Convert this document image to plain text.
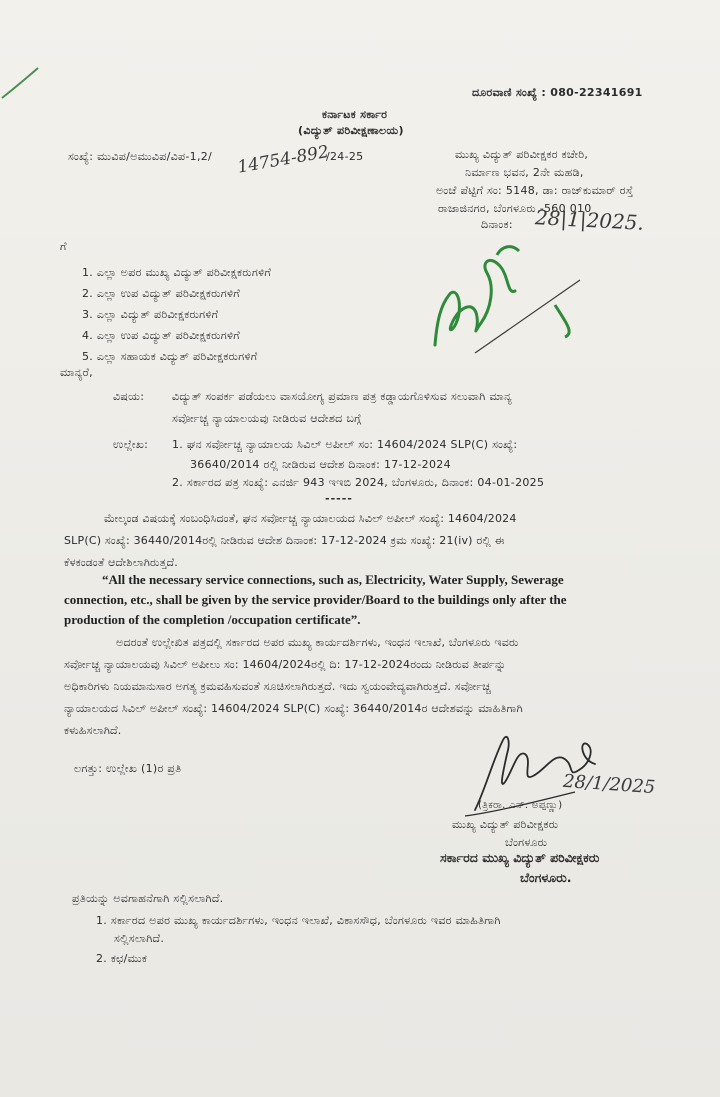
ದೂರವಾಣಿ ಸಂಖ್ಯೆ : 080-22341691
ಕರ್ನಾಟಕ ಸರ್ಕಾರ
(ವಿದ್ಯುತ್ ಪರಿವೀಕ್ಷಣಾಲಯ)
ಸಂಖ್ಯೆ: ಮುವಿಪ/ಅಮುವಿಪ/ವಿಪ-1,2/ 14754-892
/24-25	ಮುಖ್ಯ ವಿದ್ಯುತ್ ಪರಿವೀಕ್ಷಕರ ಕಚೇರಿ,
ನಿರ್ಮಾಣ ಭವನ, 2ನೇ ಮಹಡಿ,
ಅಂಚೆ ಪೆಟ್ಟಿಗೆ ಸಂ: 5148, ಡಾ: ರಾಜ್‌ಕುಮಾರ್ ರಸ್ತೆ
ರಾಜಾಜಿನಗರ, ಬೆಂಗಳೂರು -560 010
ದಿನಾಂಕ: 28|1|2025.
ಗೆ
1. ಎಲ್ಲಾ ಅಪರ ಮುಖ್ಯ ವಿದ್ಯುತ್ ಪರಿವೀಕ್ಷಕರುಗಳಿಗೆ
2. ಎಲ್ಲಾ ಉಪ ವಿದ್ಯುತ್ ಪರಿವೀಕ್ಷಕರುಗಳಿಗೆ
3. ಎಲ್ಲಾ ವಿದ್ಯುತ್ ಪರಿವೀಕ್ಷಕರುಗಳಿಗೆ
4. ಎಲ್ಲಾ ಉಪ ವಿದ್ಯುತ್ ಪರಿವೀಕ್ಷಕರುಗಳಿಗೆ
5. ಎಲ್ಲಾ ಸಹಾಯಕ ವಿದ್ಯುತ್ ಪರಿವೀಕ್ಷಕರುಗಳಿಗೆ
ಮಾನ್ಯರೆ,
ವಿಷಯ:	ವಿದ್ಯುತ್ ಸಂಪರ್ಕ ಪಡೆಯಲು ವಾಸಯೋಗ್ಯ ಪ್ರಮಾಣ ಪತ್ರ ಕಡ್ಡಾಯಗೊಳಿಸುವ ಸಲುವಾಗಿ ಮಾನ್ಯ
ಸರ್ವೋಚ್ಚ ನ್ಯಾಯಾಲಯವು ನೀಡಿರುವ ಆದೇಶದ ಬಗ್ಗೆ
ಉಲ್ಲೇಖ: 1. ಘನ ಸರ್ವೋಚ್ಚ ನ್ಯಾಯಾಲಯ ಸಿವಿಲ್ ಅಪೀಲ್ ಸಂ: 14604/2024 SLP(C) ಸಂಖ್ಯೆ:
36640/2014 ರಲ್ಲಿ ನೀಡಿರುವ ಆದೇಶ ದಿನಾಂಕ: 17-12-2024
2. ಸರ್ಕಾರದ ಪತ್ರ ಸಂಖ್ಯೆ: ಎನರ್ಜಿ 943 ಇಇಬಿ 2024, ಬೆಂಗಳೂರು, ದಿನಾಂಕ: 04-01-2025
-----
ಮೇಲ್ಕಂಡ ವಿಷಯಕ್ಕೆ ಸಂಬಂಧಿಸಿದಂತೆ, ಘನ ಸರ್ವೋಚ್ಚ ನ್ಯಾಯಾಲಯದ ಸಿವಿಲ್ ಅಪೀಲ್ ಸಂಖ್ಯೆ: 14604/2024
SLP(C) ಸಂಖ್ಯೆ: 36440/2014ರಲ್ಲಿ ನೀಡಿರುವ ಆದೇಶ ದಿನಾಂಕ: 17-12-2024 ಕ್ರಮ ಸಂಖ್ಯೆ: 21(iv) ರಲ್ಲಿ ಈ
ಕೆಳಕಂಡಂತೆ ಆದೇಶಿಲಾಗಿರುತ್ತದೆ.
“All the necessary service connections, such as, Electricity, Water Supply, Sewerage
connection, etc., shall be given by the service provider/Board to the buildings only after the
production of the completion /occupation certificate”.
ಅದರಂತೆ ಉಲ್ಲೇಖಿತ ಪತ್ರದಲ್ಲಿ ಸರ್ಕಾರದ ಅಪರ ಮುಖ್ಯ ಕಾರ್ಯದರ್ಶಿಗಳು, ಇಂಧನ ಇಲಾಖೆ, ಬೆಂಗಳೂರು ಇವರು
ಸರ್ವೋಚ್ಚ ನ್ಯಾಯಾಲಯವು ಸಿವಿಲ್ ಅಪೀಲು ಸಂ: 14604/2024ರಲ್ಲಿ ದಿ: 17-12-2024ರಂದು ನೀಡಿರುವ ತೀರ್ಪನ್ನು
ಅಧಿಕಾರಿಗಳು ನಿಯಮಾನುಸಾರ ಅಗತ್ಯ ಕ್ರಮವಹಿಸುವಂತೆ ಸೂಚಿಸಲಾಗಿರುತ್ತದೆ. ಇದು ಸ್ವಯಂವೇದ್ಯವಾಗಿರುತ್ತದೆ. ಸರ್ವೋಚ್ಚ
ನ್ಯಾಯಾಲಯದ ಸಿವಿಲ್ ಅಪೀಲ್ ಸಂಖ್ಯೆ: 14604/2024 SLP(C) ಸಂಖ್ಯೆ: 36440/2014ರ ಆದೇಶವನ್ನು ಮಾಹಿತಿಗಾಗಿ
ಕಳುಹಿಸಲಾಗಿದೆ.
ಲಗತ್ತು: ಉಲ್ಲೇಖ (1)ರ ಪ್ರತಿ
28/1/2025
(ತ್ರಿಕರಾ. ಎನ್. ಅಪ್ಪಣ್ಣು)
ಮುಖ್ಯ ವಿದ್ಯುತ್ ಪರಿವೀಕ್ಷಕರು
ಬೆಂಗಳೂರು
ಸರ್ಕಾರದ ಮುಖ್ಯ ವಿದ್ಯುತ್ ಪರಿವೀಕ್ಷಕರು
ಬೆಂಗಳೂರು.
ಪ್ರತಿಯನ್ನು ಅವಗಾಹನೆಗಾಗಿ ಸಲ್ಲಿಸಲಾಗಿದೆ.
1. ಸರ್ಕಾರದ ಅಪರ ಮುಖ್ಯ ಕಾರ್ಯದರ್ಶಿಗಳು, ಇಂಧನ ಇಲಾಖೆ, ವಿಕಾಸಸೌಧ, ಬೆಂಗಳೂರು ಇವರ ಮಾಹಿತಿಗಾಗಿ
ಸಲ್ಲಿಸಲಾಗಿದೆ.
2. ಕಛ/ಮುಕ
